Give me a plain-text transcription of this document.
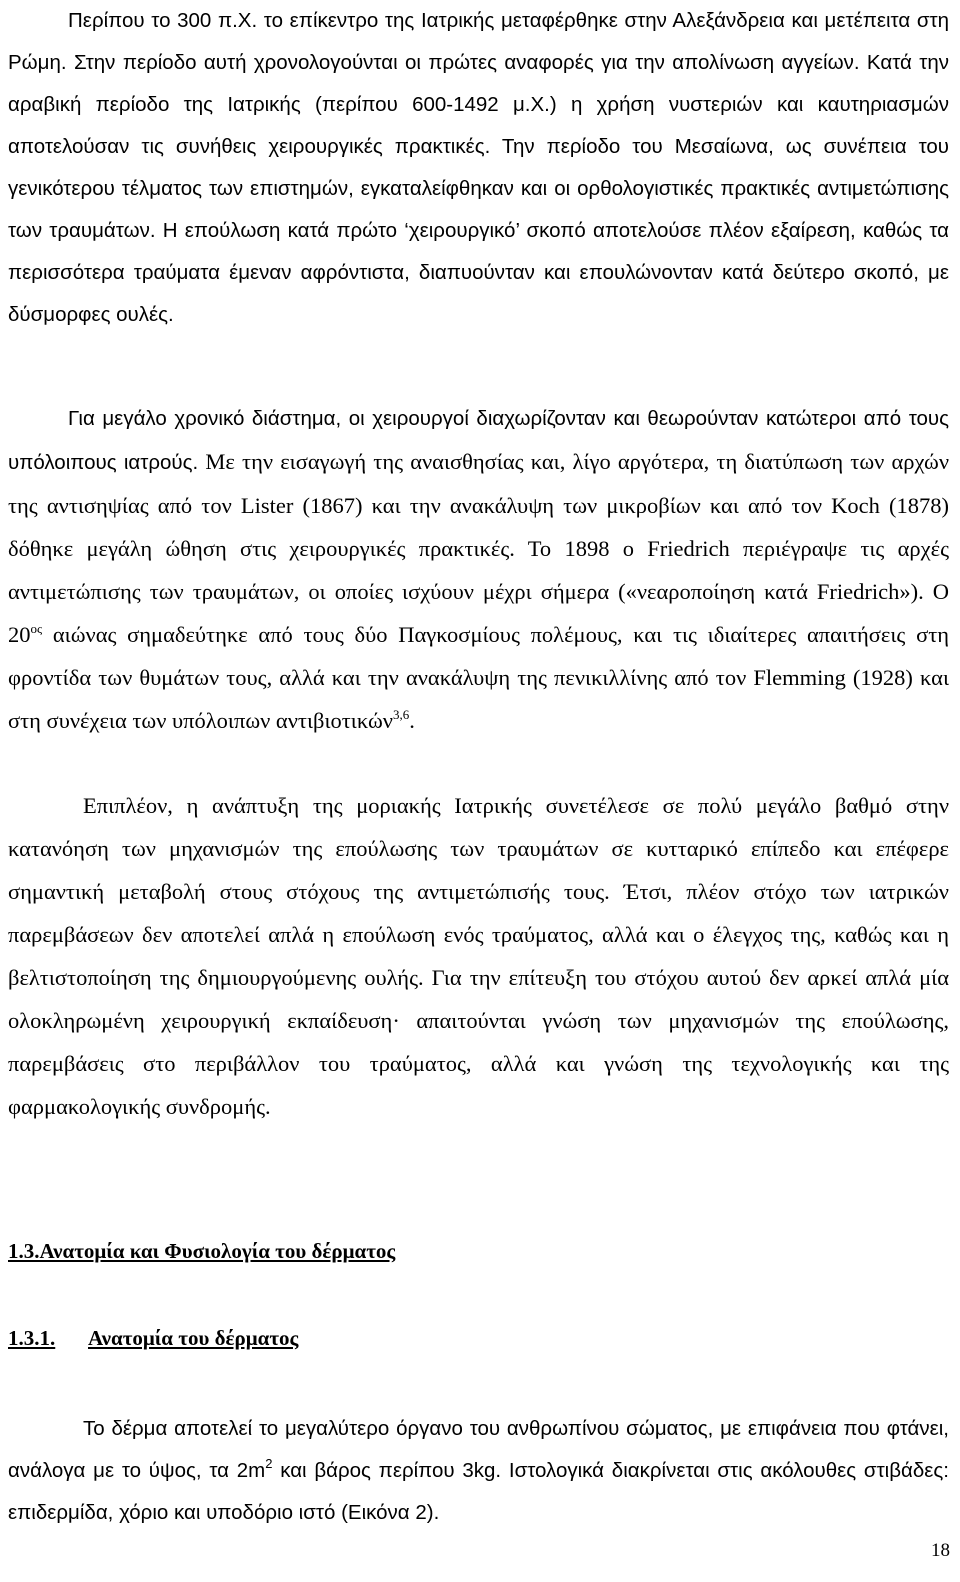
Περίπου το 300 π.Χ. το επίκεντρο της Ιατρικής μεταφέρθηκε στην Αλεξάνδρεια και μετέπειτα στη Ρώμη. Στην περίοδο αυτή χρονολογούνται οι πρώτες αναφορές για την απολίνωση αγγείων. Κατά την αραβική περίοδο της Ιατρικής (περίπου 600-1492 μ.Χ.) η χρήση νυστεριών και καυτηριασμών αποτελούσαν τις συνήθεις χειρουργικές πρακτικές. Την περίοδο του Μεσαίωνα, ως συνέπεια του γενικότερου τέλματος των επιστημών, εγκαταλείφθηκαν και οι ορθολογιστικές πρακτικές αντιμετώπισης των τραυμάτων. Η επούλωση κατά πρώτο ‘χειρουργικό’ σκοπό αποτελούσε πλέον εξαίρεση, καθώς τα περισσότερα τραύματα έμεναν αφρόντιστα, διαπυούνταν και επουλώνονταν κατά δεύτερο σκοπό, με δύσμορφες ουλές.

Για μεγάλο χρονικό διάστημα, οι χειρουργοί διαχωρίζονταν και θεωρούνταν κατώτεροι από τους υπόλοιπους ιατρούς. Με την εισαγωγή της αναισθησίας και, λίγο αργότερα, τη διατύπωση των αρχών της αντισηψίας από τον Lister (1867) και την ανακάλυψη των μικροβίων και από τον Koch (1878) δόθηκε μεγάλη ώθηση στις χειρουργικές πρακτικές. Το 1898 ο Friedrich περιέγραψε τις αρχές αντιμετώπισης των τραυμάτων, οι οποίες ισχύουν μέχρι σήμερα («νεαροποίηση κατά Friedrich»). Ο $20^{o\varsigma}$ αιώνας σημαδεύτηκε από τους δύο Παγκοσμίους πολέμους, και τις ιδιαίτερες απαιτήσεις στη φροντίδα των θυμάτων τους, αλλά και την ανακάλυψη της πενικιλλίνης από τον Flemming (1928) και στη συνέχεια των υπόλοιπων αντιβιοτικών$^{3,6}$.

Επιπλέον, η ανάπτυξη της μοριακής Ιατρικής συνετέλεσε σε πολύ μεγάλο βαθμό στην κατανόηση των μηχανισμών της επούλωσης των τραυμάτων σε κυτταρικό επίπεδο και επέφερε σημαντική μεταβολή στους στόχους της αντιμετώπισής τους. Έτσι, πλέον στόχο των ιατρικών παρεμβάσεων δεν αποτελεί απλά η επούλωση ενός τραύματος, αλλά και ο έλεγχος της, καθώς και η βελτιστοποίηση της δημιουργούμενης ουλής. Για την επίτευξη του στόχου αυτού δεν αρκεί απλά μία ολοκληρωμένη χειρουργική εκπαίδευση· απαιτούνται γνώση των μηχανισμών της επούλωσης, παρεμβάσεις στο περιβάλλον του τραύματος, αλλά και γνώση της τεχνολογικής και της φαρμακολογικής συνδρομής.

1.3.Ανατομία και Φυσιολογία του δέρματος
1.3.1. Ανατομία του δέρματος

Το δέρμα αποτελεί το μεγαλύτερο όργανο του ανθρωπίνου σώματος, με επιφάνεια που φτάνει, ανάλογα με το ύψος, τα $2m^2$ και βάρος περίπου 3kg. Ιστολογικά διακρίνεται στις ακόλουθες στιβάδες: επιδερμίδα, χόριο και υποδόριο ιστό (Εικόνα 2).

18
